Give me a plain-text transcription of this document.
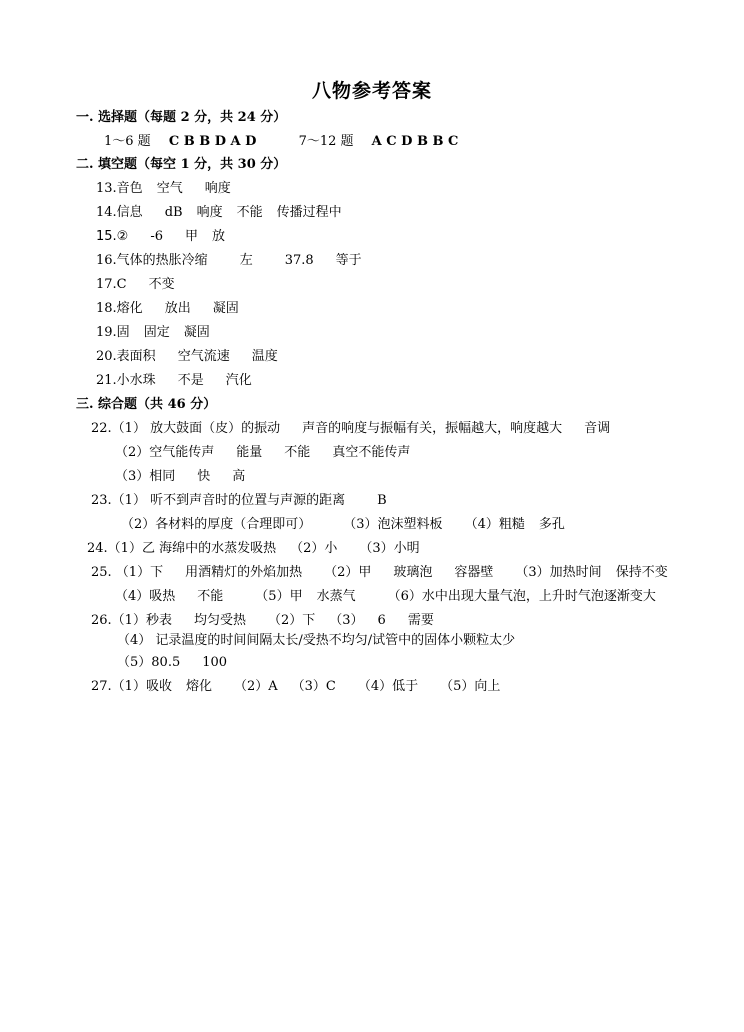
八物参考答案
一. 选择题（每题 2 分，共 24 分）
1～6 题 C B B D A D	7～12 题 A C D B B C
二. 填空题（每空 1 分，共 30 分）
13.音色 空气 响度
14.信息 dB 响度 不能 传播过程中
15.② -6 甲 放
16.气体的热胀冷缩 左 37.8 等于
17.C 不变
18.熔化 放出 凝固
19.固 固定 凝固
20.表面积 空气流速 温度
21.小水珠 不是 汽化
三. 综合题（共 46 分）
22.（1） 放大鼓面（皮）的振动 声音的响度与振幅有关，振幅越大，响度越大 音调
（2）空气能传声 能量 不能 真空不能传声
（3）相同 快 高
23.（1） 听不到声音时的位置与声源的距离 B
（2）各材料的厚度（合理即可） （3）泡沫塑料板 （4）粗糙 多孔
24.（1）乙 海绵中的水蒸发吸热 （2）小 （3）小明
25. （1）下 用酒精灯的外焰加热 （2）甲 玻璃泡 容器壁 （3）加热时间 保持不变
（4）吸热 不能 （5）甲 水蒸气 （6）水中出现大量气泡，上升时气泡逐渐变大
26.（1）秒表 均匀受热 （2）下 （3） 6 需要
（4） 记录温度的时间间隔太长/受热不均匀/试管中的固体小颗粒太少
（5）80.5 100
27.（1）吸收 熔化 （2）A （3）C （4）低于 （5）向上
